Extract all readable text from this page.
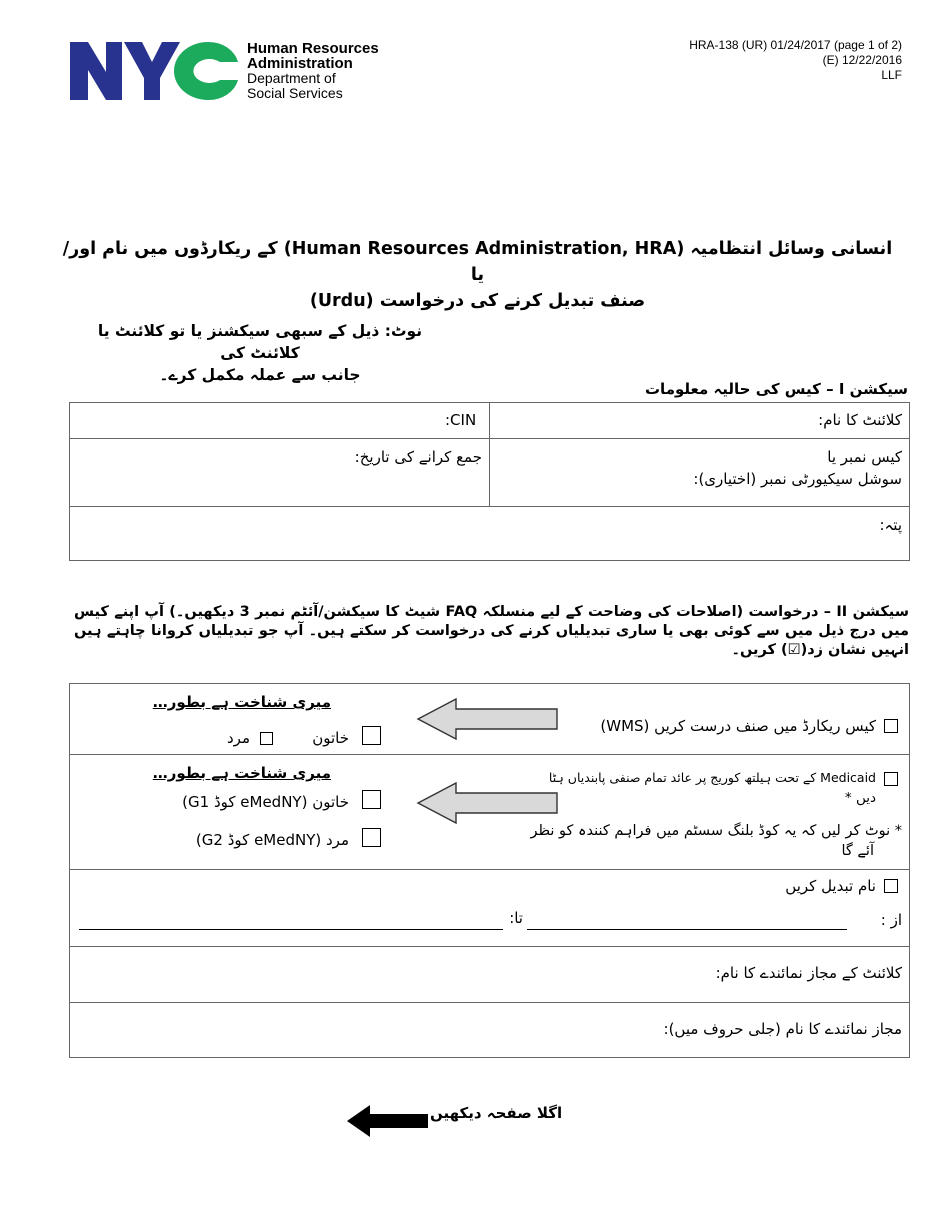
NYC	Human Resources
Administration
Department of
Social Services
HRA-138 (UR) 01/24/2017 (page 1 of 2)
(E) 12/22/2016
LLF
انسانی وسائل انتظامیہ (Human Resources Administration, HRA) کے ریکارڈوں میں نام اور/یا
صنف تبدیل کرنے کی درخواست (Urdu)
نوٹ: ذیل کے سبھی سیکشنز یا تو کلائنٹ یا کلائنٹ کی
جانب سے عملہ مکمل کرے۔
سیکشن I – کیس کی حالیہ معلومات
کلائنٹ کا نام:
:CIN
کیس نمبر یا
سوشل سیکیورٹی نمبر (اختیاری):
جمع کرانے کی تاریخ:
پتہ:
سیکشن II – درخواست (اصلاحات کی وضاحت کے لیے منسلکہ FAQ شیٹ کا سیکشن/آئٹم نمبر 3 دیکھیں۔) آپ اپنے کیس میں درج ذیل میں سے کوئی بھی یا ساری تبدیلیاں کرنے کی درخواست کر سکتے ہیں۔ آپ جو تبدیلیاں کروانا چاہتے ہیں انہیں نشان زد(☑) کریں۔
کیس ریکارڈ میں صنف درست کریں (WMS)
میری شناخت ہے بطور…
خاتون
مرد
Medicaid کے تحت ہیلتھ کوریج پر عائد تمام صنفی پابندیاں ہٹا
دیں *
* نوٹ کر لیں کہ یہ کوڈ بلنگ سسٹم میں فراہم کنندہ کو نظر
آئے گا
میری شناخت ہے بطور…
خاتون (eMedNY کوڈ G1)
مرد (eMedNY کوڈ G2)
نام تبدیل کریں
از :
تا:
کلائنٹ کے مجاز نمائندے کا نام:
مجاز نمائندے کا نام (جلی حروف میں):
اگلا صفحہ دیکھیں
